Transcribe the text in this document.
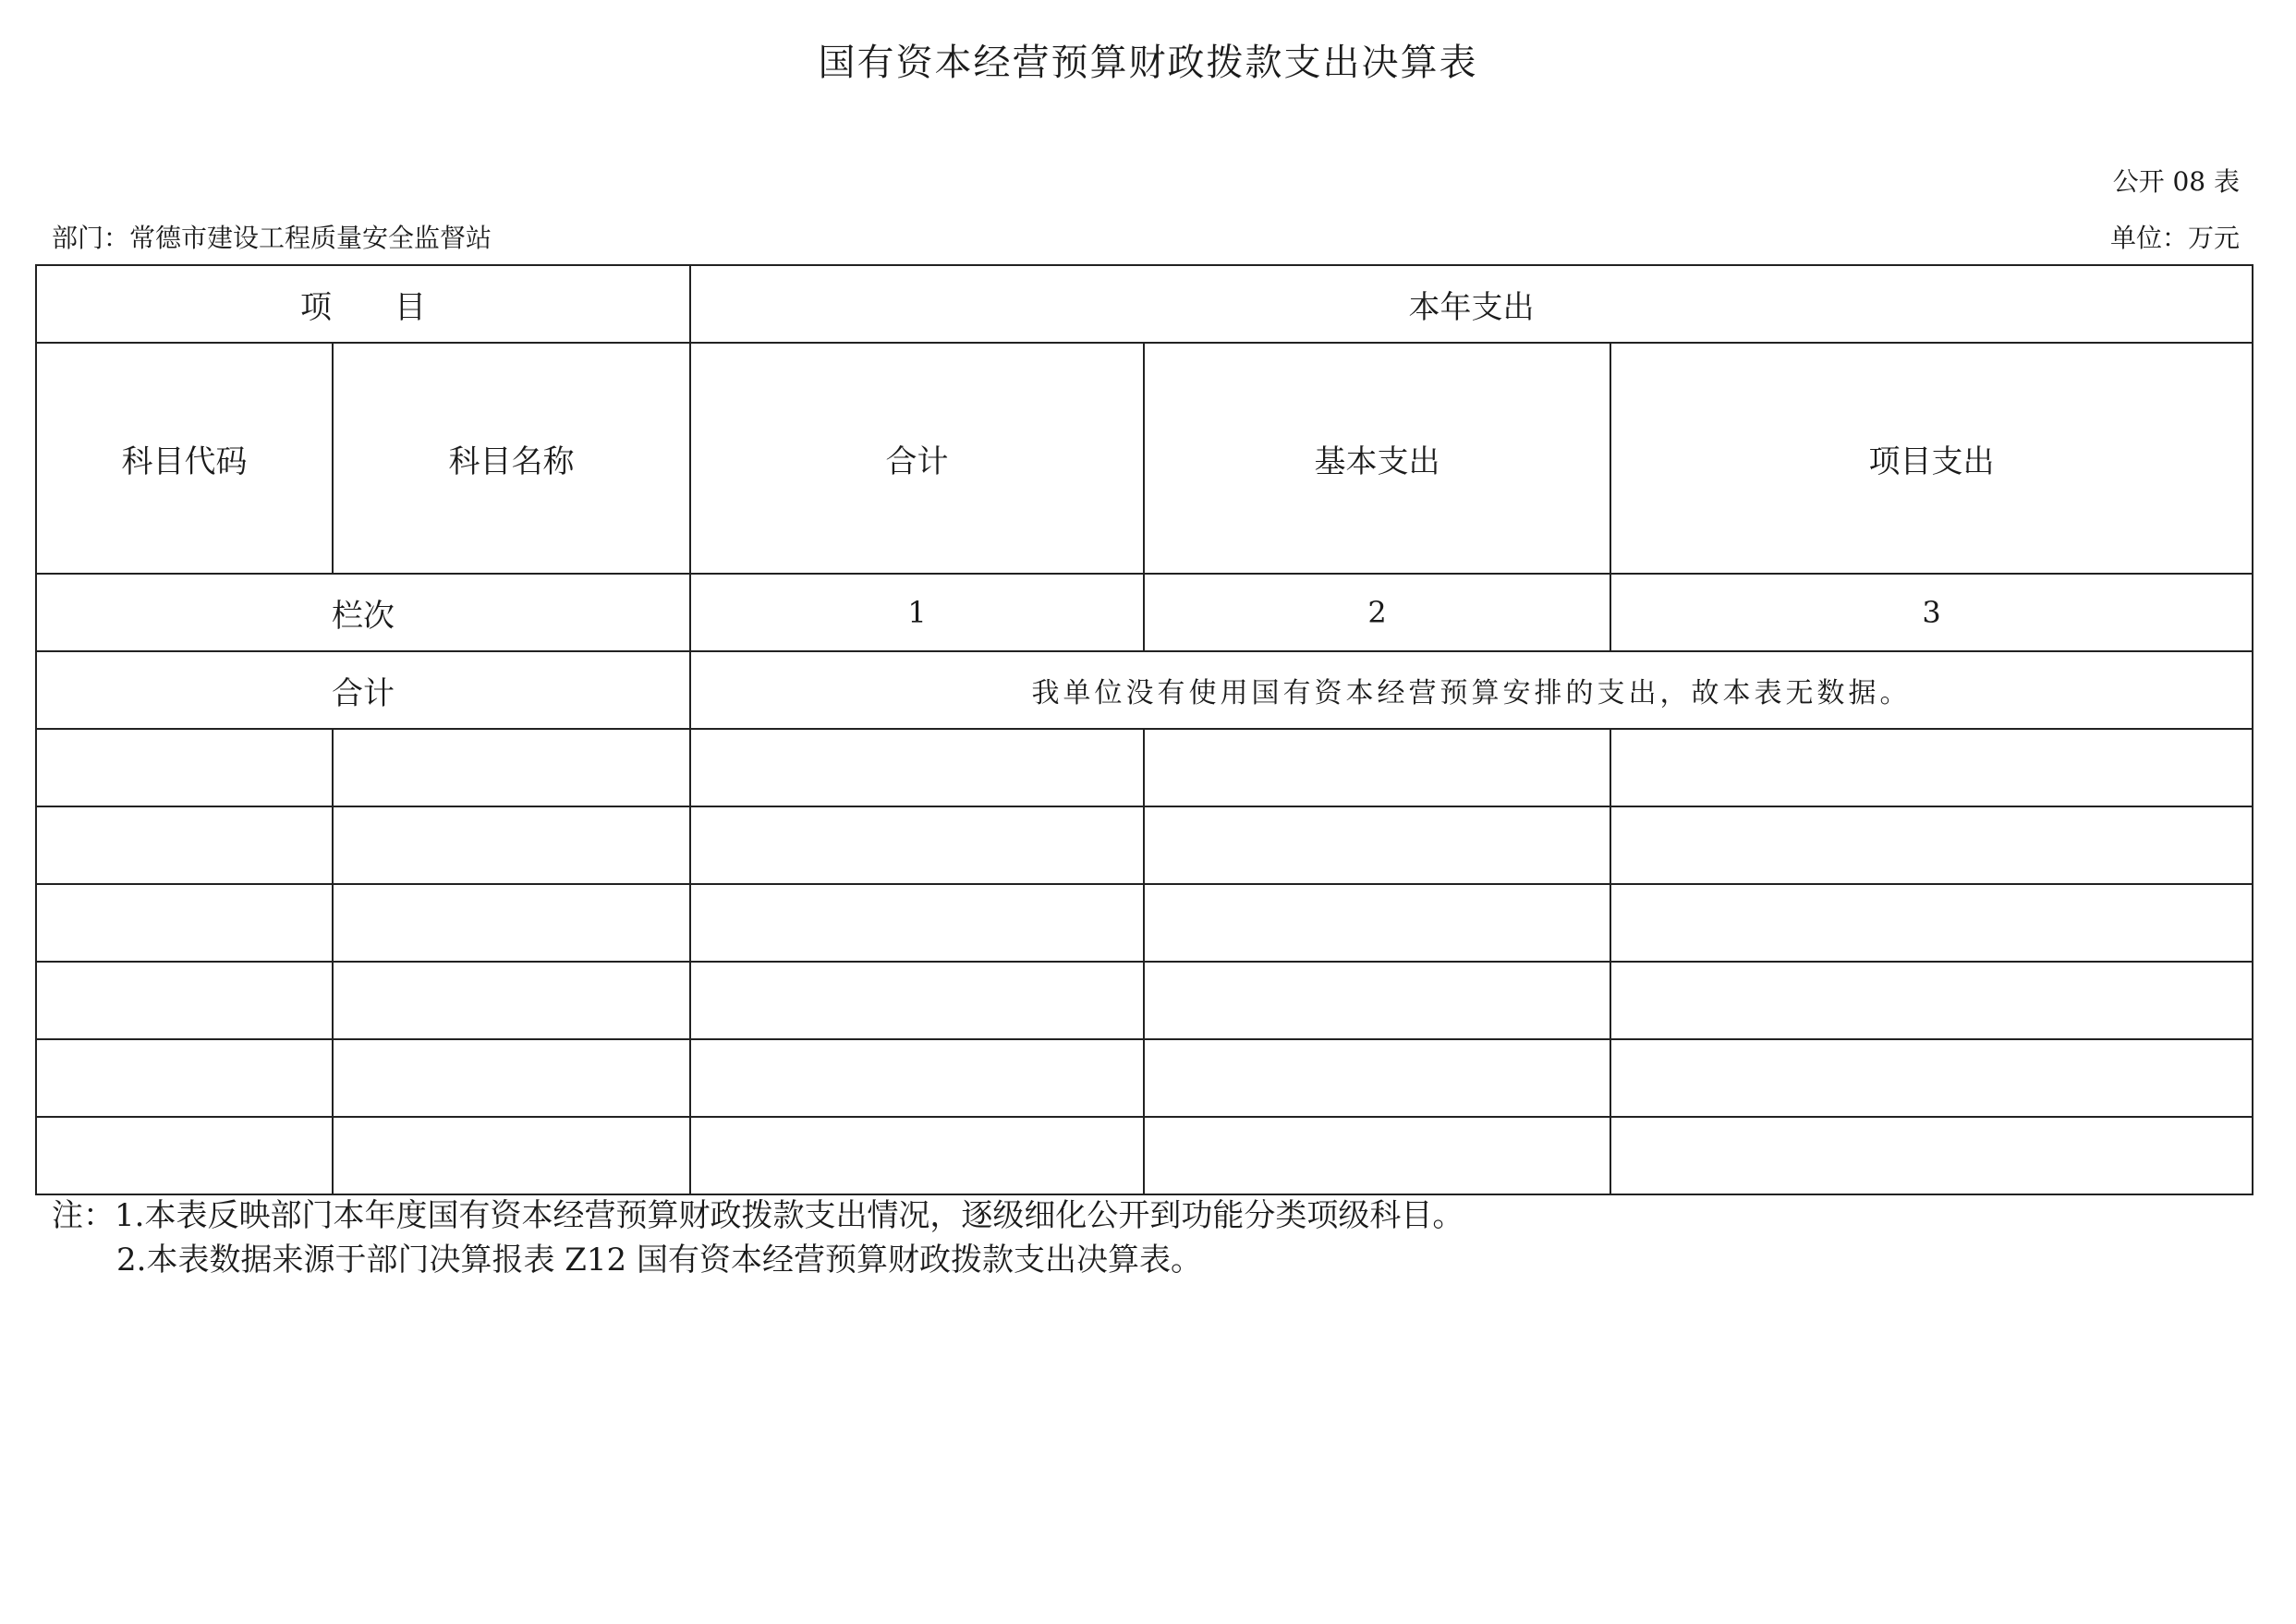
国有资本经营预算财政拨款支出决算表
公开 08 表
部门：常德市建设工程质量安全监督站	单位：万元
项　　目		本年支出		
科目代码	科目名称	合计	基本支出	项目支出
栏次		1	2	3
合计		我单位没有使用国有资本经营预算安排的支出，故本表无数据。		

注：1.本表反映部门本年度国有资本经营预算财政拨款支出情况，逐级细化公开到功能分类项级科目。
2.本表数据来源于部门决算报表 Z12 国有资本经营预算财政拨款支出决算表。
